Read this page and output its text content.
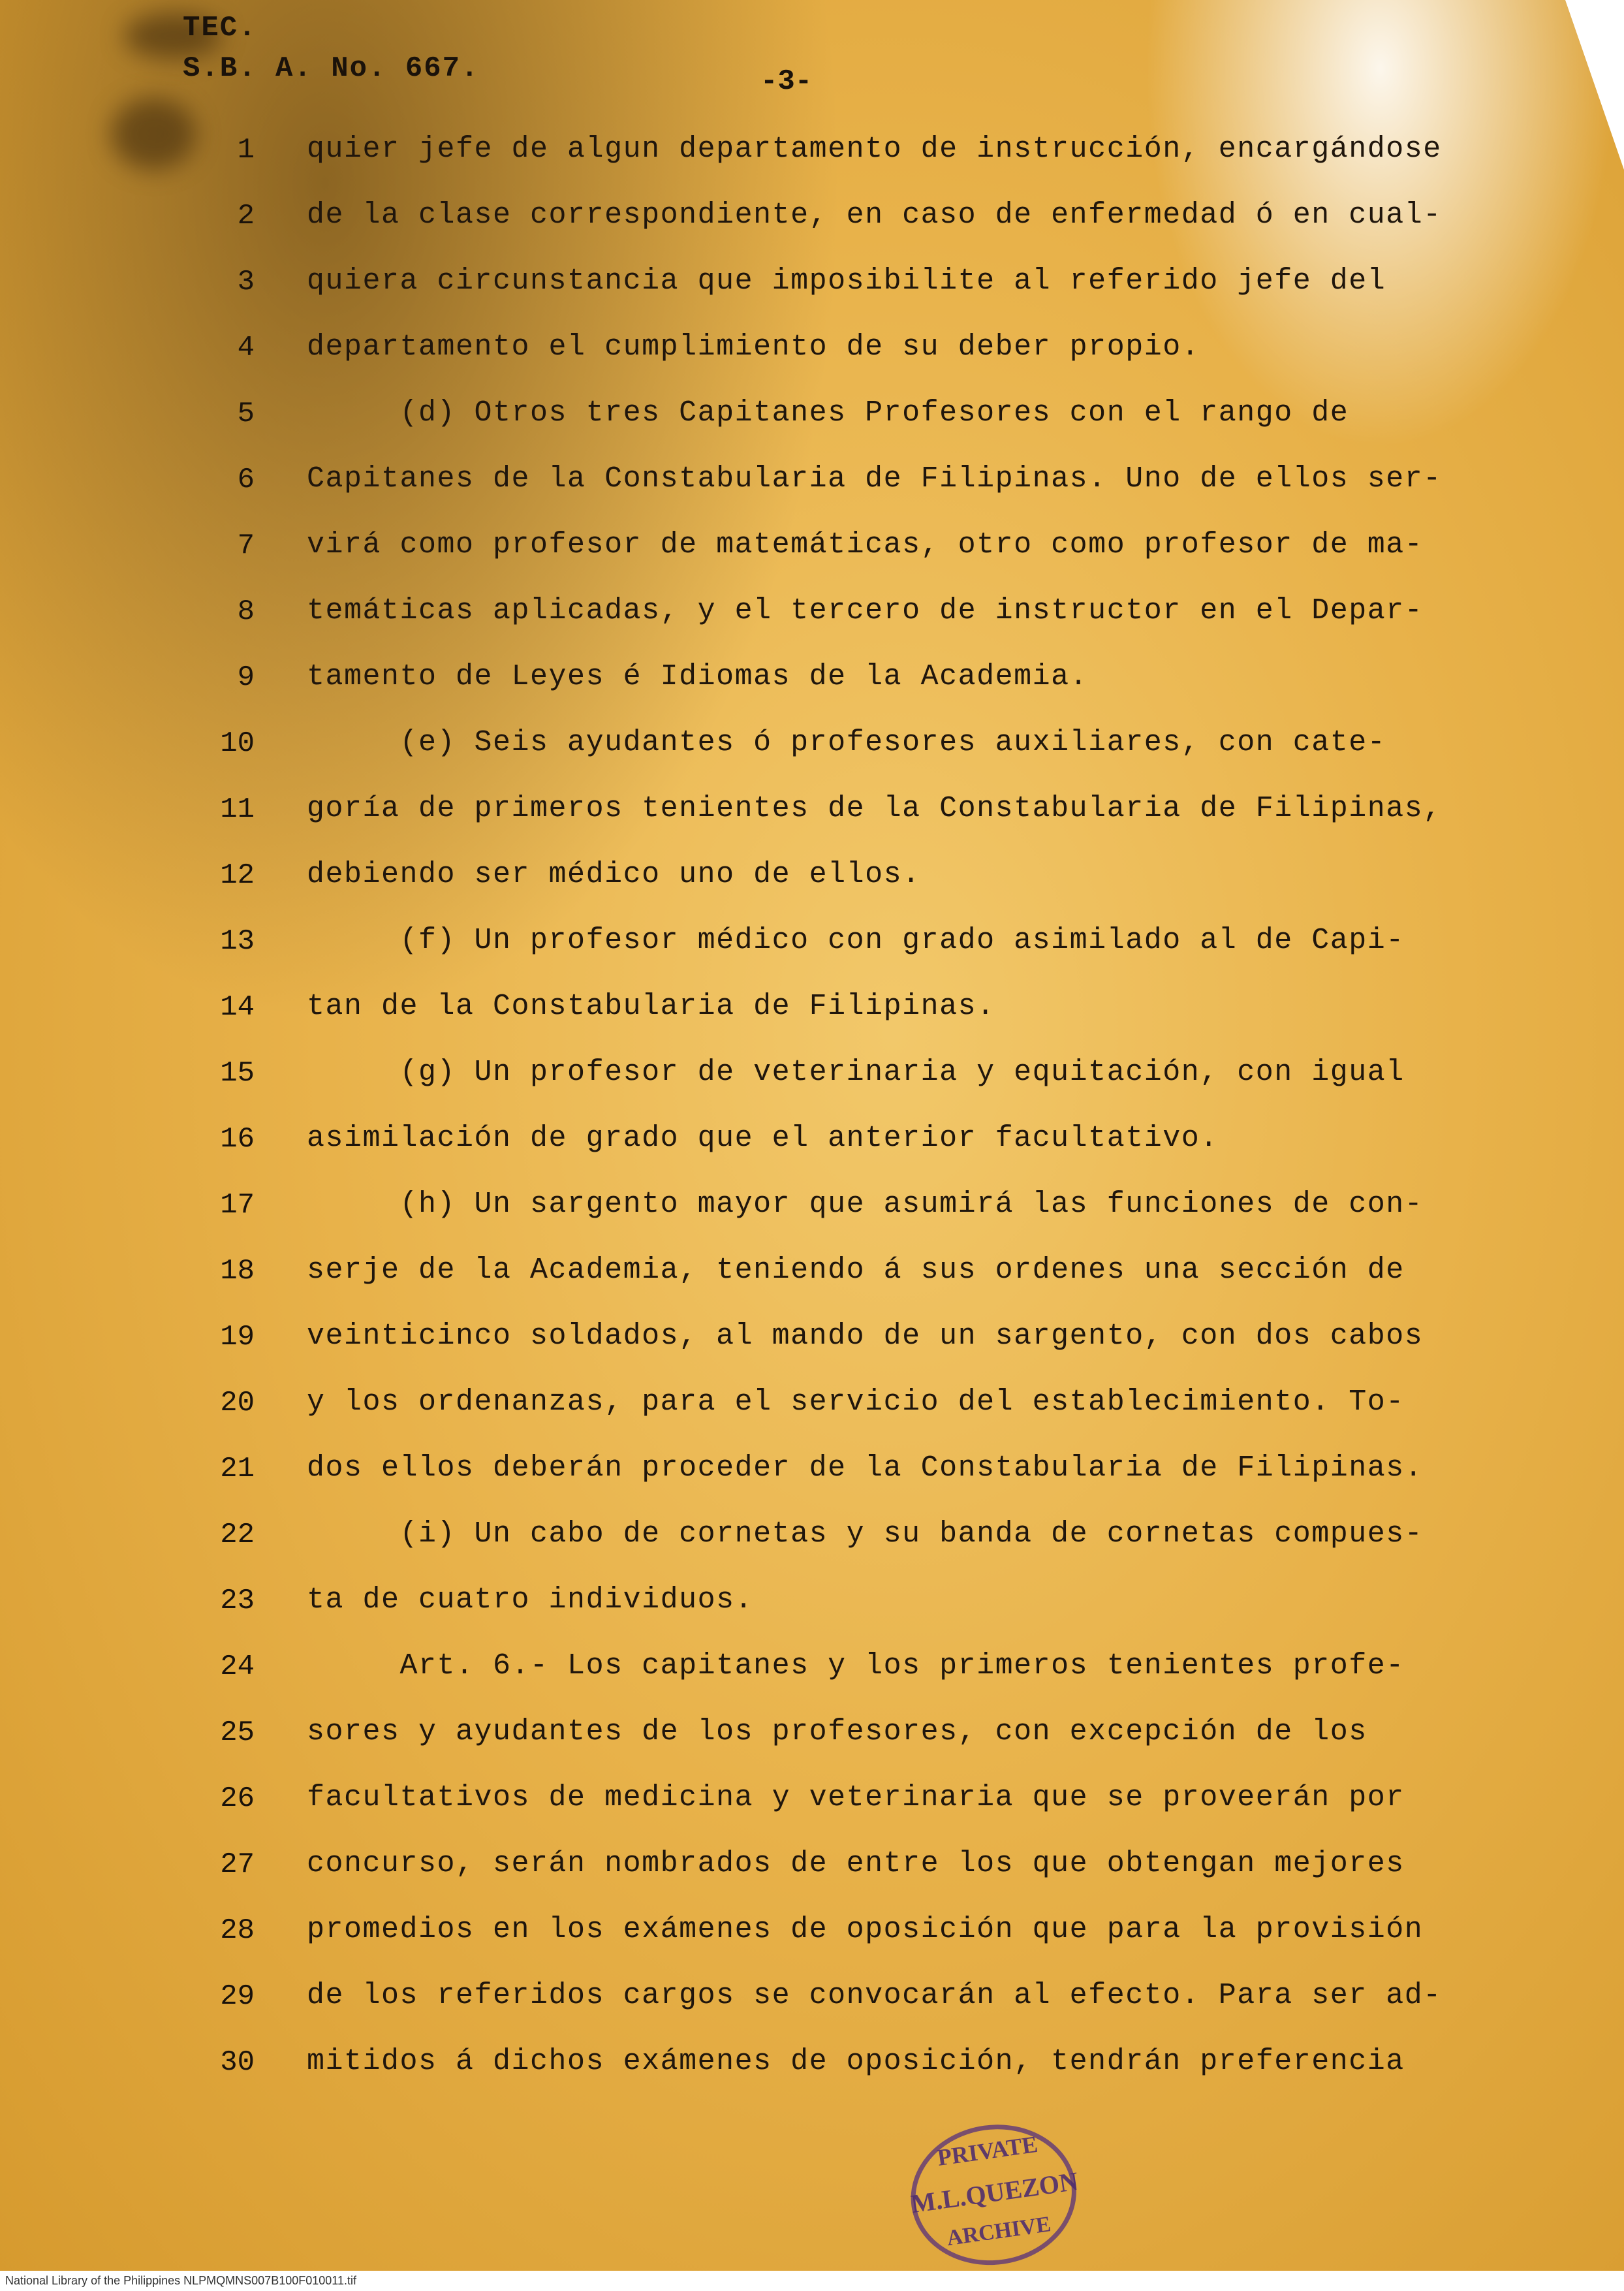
TEC.
S.B. A. No. 667.	-3-
1 quier jefe de algun departamento de instrucción, encargándose
2 de la clase correspondiente, en caso de enfermedad ó en cual-
3 quiera circunstancia que imposibilite al referido jefe del
4 departamento el cumplimiento de su deber propio.
5 (d) Otros tres Capitanes Profesores con el rango de
6 Capitanes de la Constabularia de Filipinas. Uno de ellos ser-
7 virá como profesor de matemáticas, otro como profesor de ma-
8 temáticas aplicadas, y el tercero de instructor en el Depar-
9 tamento de Leyes é Idiomas de la Academia.
10 (e) Seis ayudantes ó profesores auxiliares, con cate-
11 goría de primeros tenientes de la Constabularia de Filipinas,
12 debiendo ser médico uno de ellos.
13 (f) Un profesor médico con grado asimilado al de Capi-
14 tan de la Constabularia de Filipinas.
15 (g) Un profesor de veterinaria y equitación, con igual
16 asimilación de grado que el anterior facultativo.
17 (h) Un sargento mayor que asumirá las funciones de con-
18 serje de la Academia, teniendo á sus ordenes una sección de
19 veinticinco soldados, al mando de un sargento, con dos cabos
20 y los ordenanzas, para el servicio del establecimiento. To-
21 dos ellos deberán proceder de la Constabularia de Filipinas.
22 (i) Un cabo de cornetas y su banda de cornetas compues-
23 ta de cuatro individuos.
24 Art. 6.- Los capitanes y los primeros tenientes profe-
25 sores y ayudantes de los profesores, con excepción de los
26 facultativos de medicina y veterinaria que se proveerán por
27 concurso, serán nombrados de entre los que obtengan mejores
28 promedios en los exámenes de oposición que para la provisión
29 de los referidos cargos se convocarán al efecto. Para ser ad-
30 mitidos á dichos exámenes de oposición, tendrán preferencia
PRIVATE
M.L.QUEZON
ARCHIVE
National Library of the Philippines NLPMQMNS007B100F010011.tif
